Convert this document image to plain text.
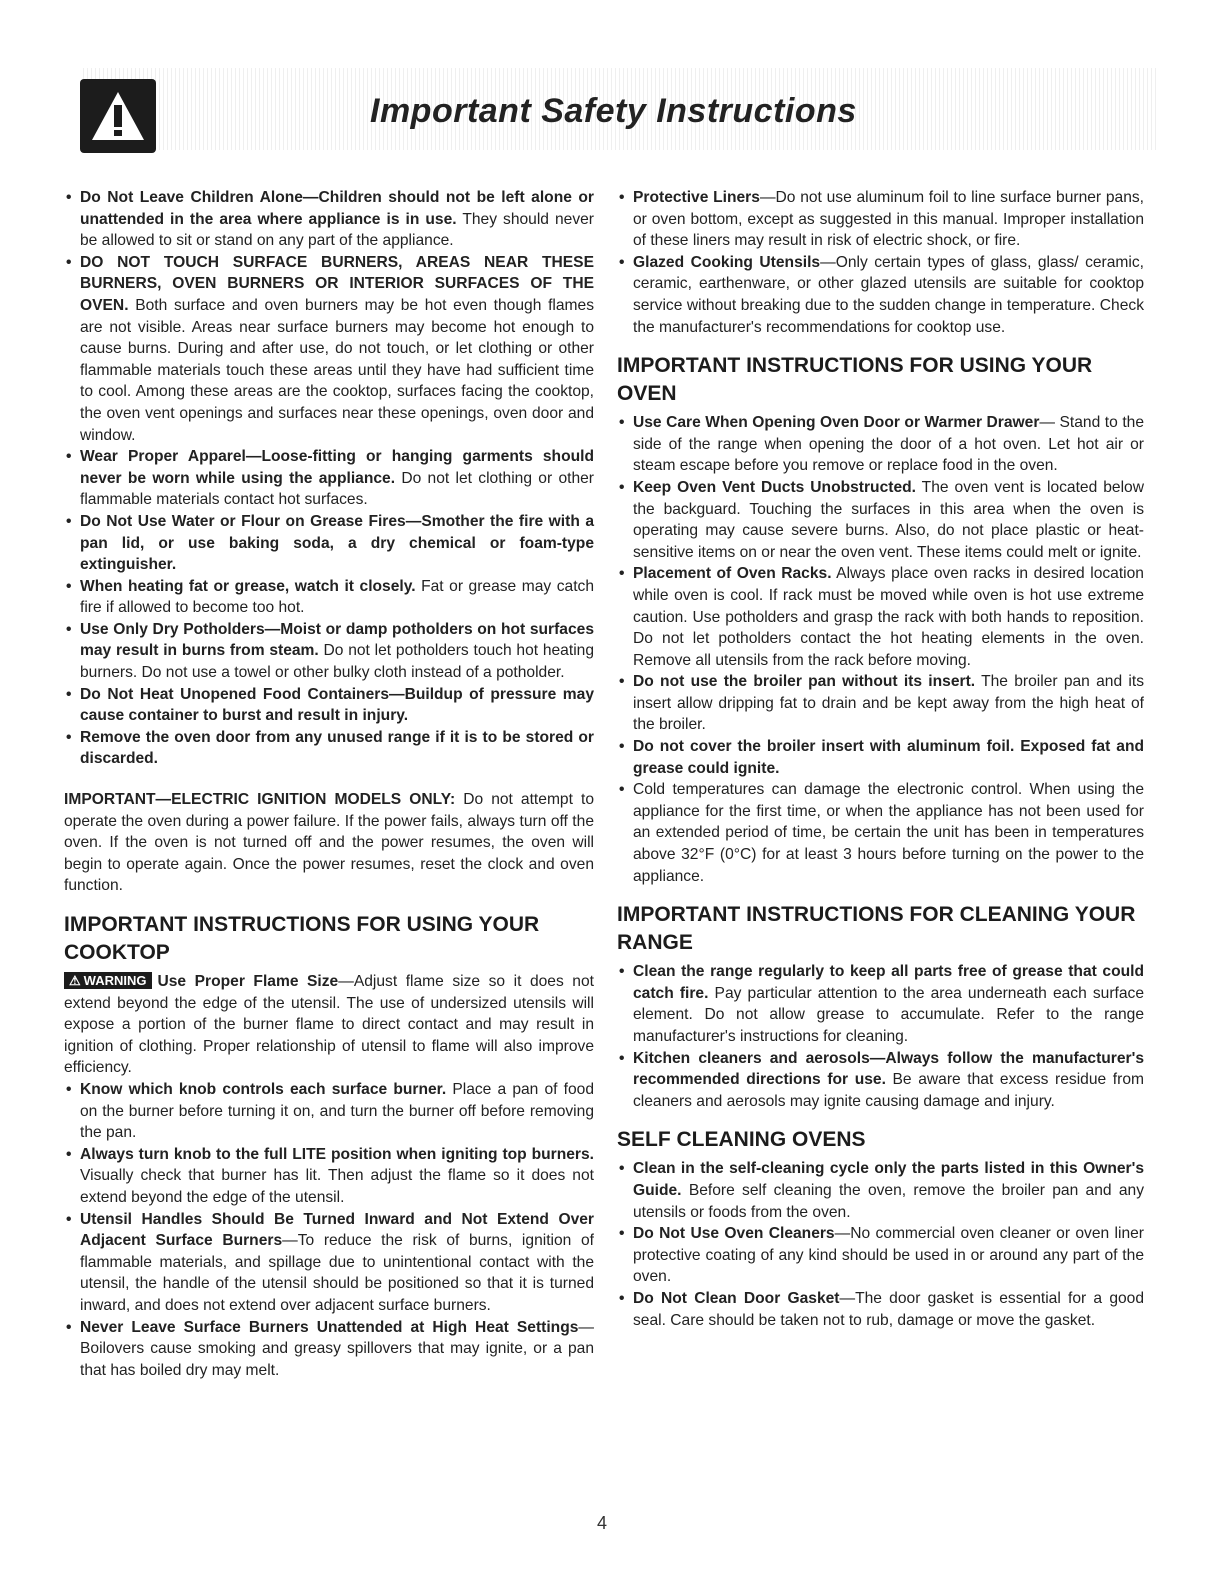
Important Safety Instructions

• Do Not Leave Children Alone—Children should not be left alone or unattended in the area where appliance is in use. They should never be allowed to sit or stand on any part of the appliance.

• DO NOT TOUCH SURFACE BURNERS, AREAS NEAR THESE BURNERS, OVEN BURNERS OR INTERIOR SURFACES OF THE OVEN. Both surface and oven burners may be hot even though flames are not visible. Areas near surface burners may become hot enough to cause burns. During and after use, do not touch, or let clothing or other flammable materials touch these areas until they have had sufficient time to cool. Among these areas are the cooktop, surfaces facing the cooktop, the oven vent openings and surfaces near these openings, oven door and window.

• Wear Proper Apparel—Loose-fitting or hanging garments should never be worn while using the appliance. Do not let clothing or other flammable materials contact hot surfaces.

• Do Not Use Water or Flour on Grease Fires—Smother the fire with a pan lid, or use baking soda, a dry chemical or foam-type extinguisher.

• When heating fat or grease, watch it closely. Fat or grease may catch fire if allowed to become too hot.

• Use Only Dry Potholders—Moist or damp potholders on hot surfaces may result in burns from steam. Do not let potholders touch hot heating burners. Do not use a towel or other bulky cloth instead of a potholder.

• Do Not Heat Unopened Food Containers—Buildup of pressure may cause container to burst and result in injury.

• Remove the oven door from any unused range if it is to be stored or discarded.

IMPORTANT—ELECTRIC IGNITION MODELS ONLY: Do not attempt to operate the oven during a power failure. If the power fails, always turn off the oven. If the oven is not turned off and the power resumes, the oven will begin to operate again. Once the power resumes, reset the clock and oven function.

IMPORTANT INSTRUCTIONS FOR USING YOUR COOKTOP

⚠ WARNING Use Proper Flame Size—Adjust flame size so it does not extend beyond the edge of the utensil. The use of undersized utensils will expose a portion of the burner flame to direct contact and may result in ignition of clothing. Proper relationship of utensil to flame will also improve efficiency.

• Know which knob controls each surface burner. Place a pan of food on the burner before turning it on, and turn the burner off before removing the pan.

• Always turn knob to the full LITE position when igniting top burners. Visually check that burner has lit. Then adjust the flame so it does not extend beyond the edge of the utensil.

• Utensil Handles Should Be Turned Inward and Not Extend Over Adjacent Surface Burners—To reduce the risk of burns, ignition of flammable materials, and spillage due to unintentional contact with the utensil, the handle of the utensil should be positioned so that it is turned inward, and does not extend over adjacent surface burners.

• Never Leave Surface Burners Unattended at High Heat Settings—Boilovers cause smoking and greasy spillovers that may ignite, or a pan that has boiled dry may melt.

• Protective Liners—Do not use aluminum foil to line surface burner pans, or oven bottom, except as suggested in this manual. Improper installation of these liners may result in risk of electric shock, or fire.

• Glazed Cooking Utensils—Only certain types of glass, glass/ ceramic, ceramic, earthenware, or other glazed utensils are suitable for cooktop service without breaking due to the sudden change in temperature. Check the manufacturer's recommendations for cooktop use.

IMPORTANT INSTRUCTIONS FOR USING YOUR OVEN

• Use Care When Opening Oven Door or Warmer Drawer— Stand to the side of the range when opening the door of a hot oven. Let hot air or steam escape before you remove or replace food in the oven.

• Keep Oven Vent Ducts Unobstructed. The oven vent is located below the backguard. Touching the surfaces in this area when the oven is operating may cause severe burns. Also, do not place plastic or heat-sensitive items on or near the oven vent. These items could melt or ignite.

• Placement of Oven Racks. Always place oven racks in desired location while oven is cool. If rack must be moved while oven is hot use extreme caution. Use potholders and grasp the rack with both hands to reposition. Do not let potholders contact the hot heating elements in the oven. Remove all utensils from the rack before moving.

• Do not use the broiler pan without its insert. The broiler pan and its insert allow dripping fat to drain and be kept away from the high heat of the broiler.

• Do not cover the broiler insert with aluminum foil. Exposed fat and grease could ignite.

• Cold temperatures can damage the electronic control. When using the appliance for the first time, or when the appliance has not been used for an extended period of time, be certain the unit has been in temperatures above 32°F (0°C) for at least 3 hours before turning on the power to the appliance.

IMPORTANT INSTRUCTIONS FOR CLEANING YOUR RANGE

• Clean the range regularly to keep all parts free of grease that could catch fire. Pay particular attention to the area underneath each surface element. Do not allow grease to accumulate. Refer to the range manufacturer's instructions for cleaning.

• Kitchen cleaners and aerosols—Always follow the manufacturer's recommended directions for use. Be aware that excess residue from cleaners and aerosols may ignite causing damage and injury.

SELF CLEANING OVENS

• Clean in the self-cleaning cycle only the parts listed in this Owner's Guide. Before self cleaning the oven, remove the broiler pan and any utensils or foods from the oven.

• Do Not Use Oven Cleaners—No commercial oven cleaner or oven liner protective coating of any kind should be used in or around any part of the oven.

• Do Not Clean Door Gasket—The door gasket is essential for a good seal. Care should be taken not to rub, damage or move the gasket.

4
